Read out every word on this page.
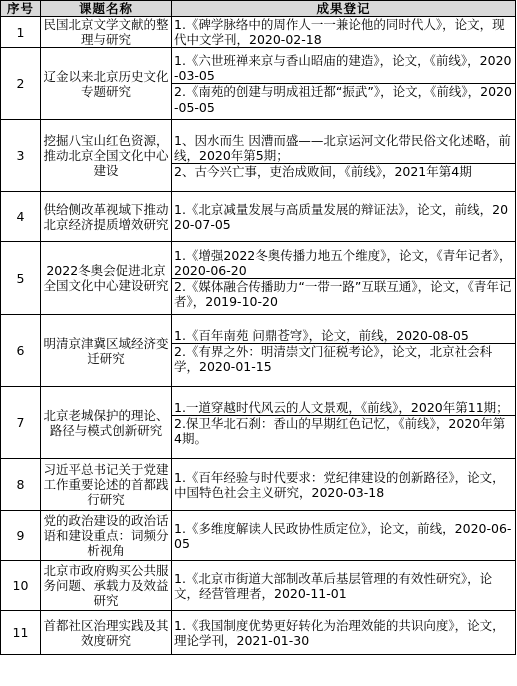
序号	课题名称	成果登记
1	民国北京文学文献的整理与研究	1.《碑学脉络中的周作人一一兼论他的同时代人》，论文，现代中文学刊，2020-02-18

2	辽金以来北京历史文化专题研究	1.《六世班禅来京与香山昭庙的建造》，论文，《前线》，2020-03-05
2.《南苑的创建与明成祖迁都“振武”》，论文，《前线》，2020-05-05

3	挖掘八宝山红色资源，推动北京全国文化中心建设	1、因水而生 因漕而盛——北京运河文化带民俗文化述略，前线，2020年第5期；
2、古今兴亡事，吏治成败间，《前线》，2021年第4期

4	供给侧改革视域下推动北京经济提质增效研究	1.《北京减量发展与高质量发展的辩证法》，论文，前线，2020-07-05

5	2022冬奥会促进北京全国文化中心建设研究	1.《增强2022冬奥传播力地五个维度》，论文，《青年记者》，2020-06-20
2.《媒体融合传播助力“一带一路”互联互通》，论文，《青年记者》，2019-10-20

6	明清京津冀区域经济变迁研究	1.《百年南苑 问鼎苍穹》，论文，前线，2020-08-05
2.《有界之外：明清崇文门征税考论》，论文，北京社会科学，2020-01-15

7	北京老城保护的理论、路径与模式创新研究	1.一道穿越时代风云的人文景观，《前线》，2020年第11期；
2.保卫华北石刹：香山的早期红色记忆，《前线》，2020年第4期。

8	习近平总书记关于党建工作重要论述的首都践行研究	1.《百年经验与时代要求：党纪律建设的创新路径》，论文，中国特色社会主义研究，2020-03-18

9	党的政治建设的政治话语和建设重点：词频分析视角	1.《多维度解读人民政协性质定位》，论文，前线，2020-06-05

10	北京市政府购买公共服务问题、承载力及效益研究	1.《北京市街道大部制改革后基层管理的有效性研究》，论文，经营管理者，2020-11-01

11	首都社区治理实践及其效度研究	1.《我国制度优势更好转化为治理效能的共识向度》，论文，理论学刊，2021-01-30
